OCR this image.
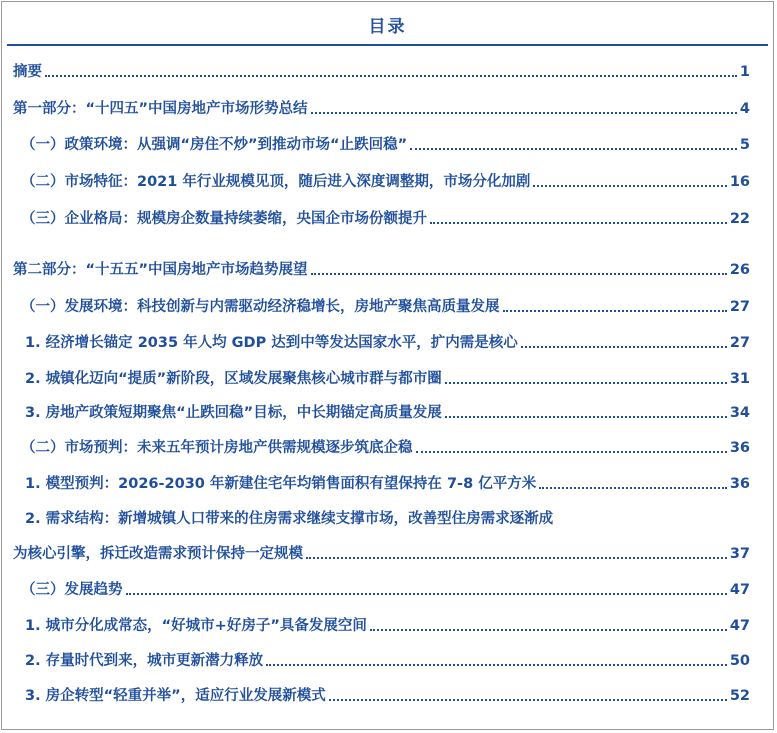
目录
摘要	1
第一部分：“十四五”中国房地产市场形势总结	4
（一）政策环境：从强调“房住不炒”到推动市场“止跌回稳”	5
（二）市场特征：2021 年行业规模见顶，随后进入深度调整期，市场分化加剧	16
（三）企业格局：规模房企数量持续萎缩，央国企市场份额提升	22
第二部分：“十五五”中国房地产市场趋势展望	26
（一）发展环境：科技创新与内需驱动经济稳增长，房地产聚焦高质量发展	27
1. 经济增长锚定 2035 年人均 GDP 达到中等发达国家水平，扩内需是核心	27
2. 城镇化迈向“提质”新阶段，区域发展聚焦核心城市群与都市圈	31
3. 房地产政策短期聚焦“止跌回稳”目标，中长期锚定高质量发展	34
（二）市场预判：未来五年预计房地产供需规模逐步筑底企稳	36
1. 模型预判：2026-2030 年新建住宅年均销售面积有望保持在 7-8 亿平方米	36
2. 需求结构：新增城镇人口带来的住房需求继续支撑市场，改善型住房需求逐渐成
为核心引擎，拆迁改造需求预计保持一定规模	37
（三）发展趋势	47
1. 城市分化成常态，“好城市+好房子”具备发展空间	47
2. 存量时代到来，城市更新潜力释放	50
3. 房企转型“轻重并举”，适应行业发展新模式	52
